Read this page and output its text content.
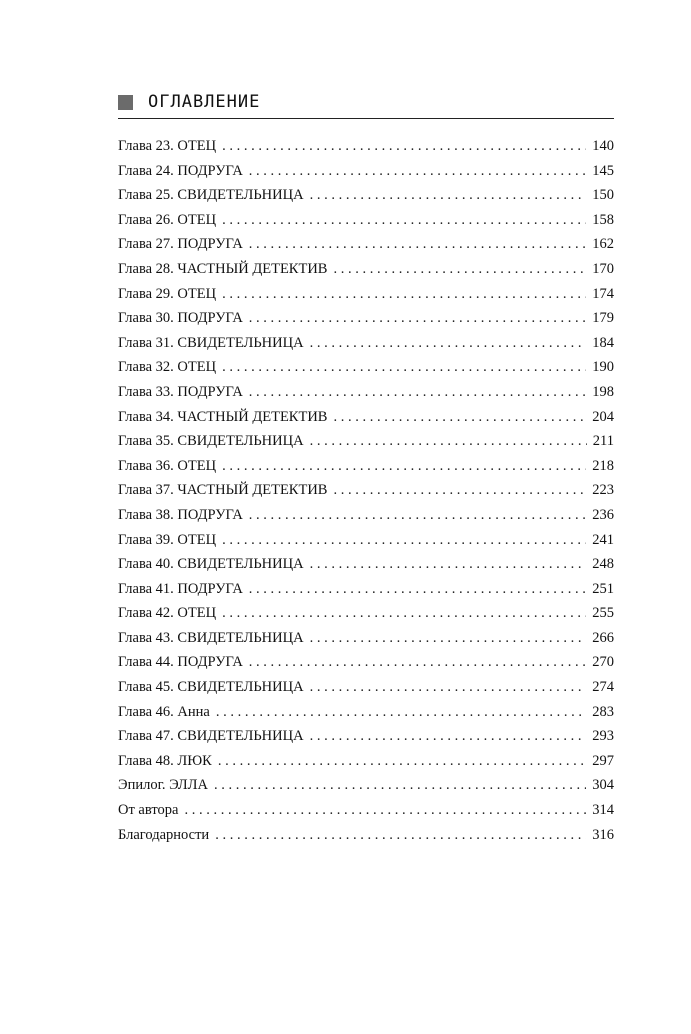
ОГЛАВЛЕНИЕ
Глава 23. ОТЕЦ . . .	140
Глава 24. ПОДРУГА . . .	145
Глава 25. СВИДЕТЕЛЬНИЦА . . .	150
Глава 26. ОТЕЦ . . .	158
Глава 27. ПОДРУГА . . .	162
Глава 28. ЧАСТНЫЙ ДЕТЕКТИВ . . .	170
Глава 29. ОТЕЦ . . .	174
Глава 30. ПОДРУГА . . .	179
Глава 31. СВИДЕТЕЛЬНИЦА . . .	184
Глава 32. ОТЕЦ . . .	190
Глава 33. ПОДРУГА . . .	198
Глава 34. ЧАСТНЫЙ ДЕТЕКТИВ . . .	204
Глава 35. СВИДЕТЕЛЬНИЦА . . .	211
Глава 36. ОТЕЦ . . .	218
Глава 37. ЧАСТНЫЙ ДЕТЕКТИВ . . .	223
Глава 38. ПОДРУГА . . .	236
Глава 39. ОТЕЦ . . .	241
Глава 40. СВИДЕТЕЛЬНИЦА . . .	248
Глава 41. ПОДРУГА . . .	251
Глава 42. ОТЕЦ . . .	255
Глава 43. СВИДЕТЕЛЬНИЦА . . .	266
Глава 44. ПОДРУГА . . .	270
Глава 45. СВИДЕТЕЛЬНИЦА . . .	274
Глава 46. Анна . . .	283
Глава 47. СВИДЕТЕЛЬНИЦА . . .	293
Глава 48. ЛЮК . . .	297
Эпилог. ЭЛЛА . . .	304
От автора . . .	314
Благодарности . . .	316
